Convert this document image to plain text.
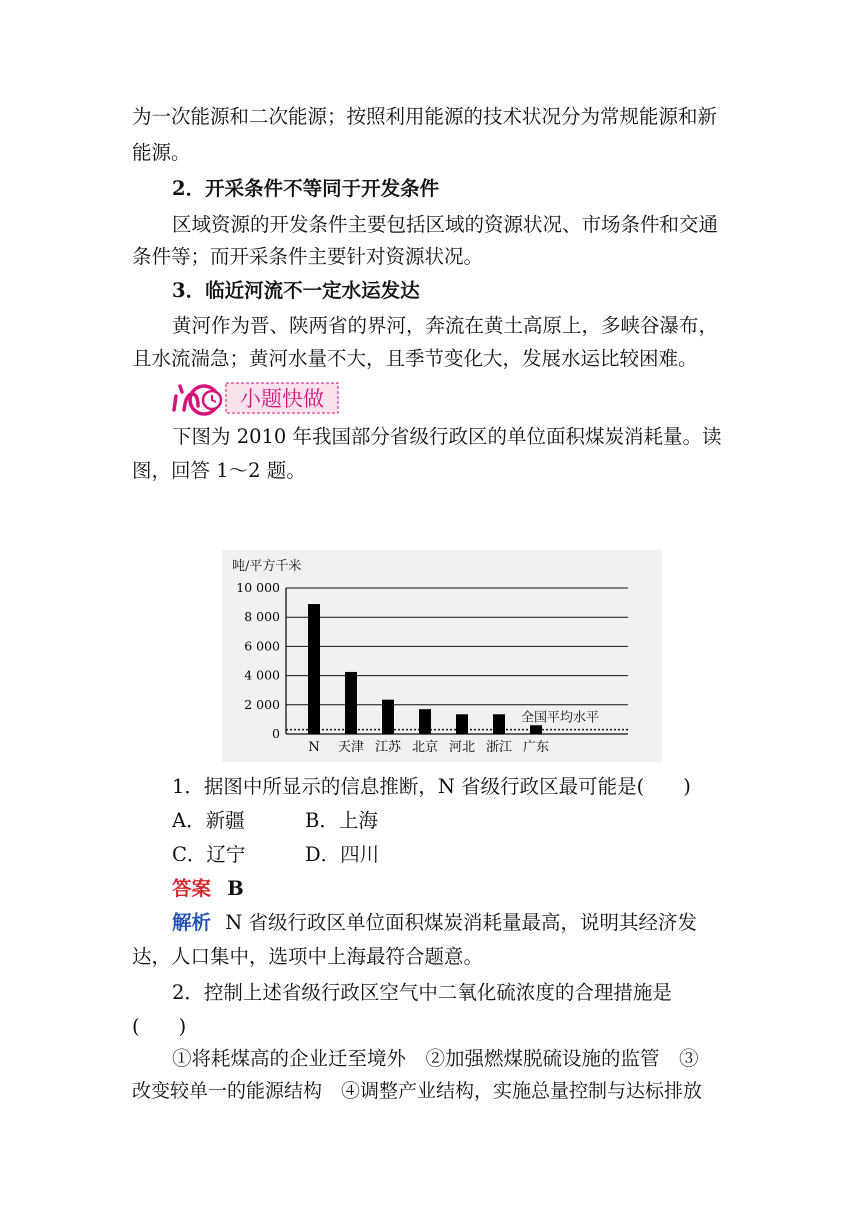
为一次能源和二次能源；按照利用能源的技术状况分为常规能源和新
能源。
2．开采条件不等同于开发条件
区域资源的开发条件主要包括区域的资源状况、市场条件和交通
条件等；而开采条件主要针对资源状况。
3．临近河流不一定水运发达
黄河作为晋、陕两省的界河，奔流在黄土高原上，多峡谷瀑布，
且水流湍急；黄河水量不大，且季节变化大，发展水运比较困难。
小题快做
下图为 2010 年我国部分省级行政区的单位面积煤炭消耗量。读
图，回答 1～2 题。
吨/平方千米
10 000
8 000
6 000
4 000
2 000
0
全国平均水平
N 天津 江苏 北京 河北 浙江 广东
1．据图中所显示的信息推断，N 省级行政区最可能是(　　)
A．新疆	B．上海
C．辽宁	D．四川
答案 B
解析 N 省级行政区单位面积煤炭消耗量最高，说明其经济发
达，人口集中，选项中上海最符合题意。
2．控制上述省级行政区空气中二氧化硫浓度的合理措施是
(　　)
①将耗煤高的企业迁至境外　②加强燃煤脱硫设施的监管　③
改变较单一的能源结构　④调整产业结构，实施总量控制与达标排放
